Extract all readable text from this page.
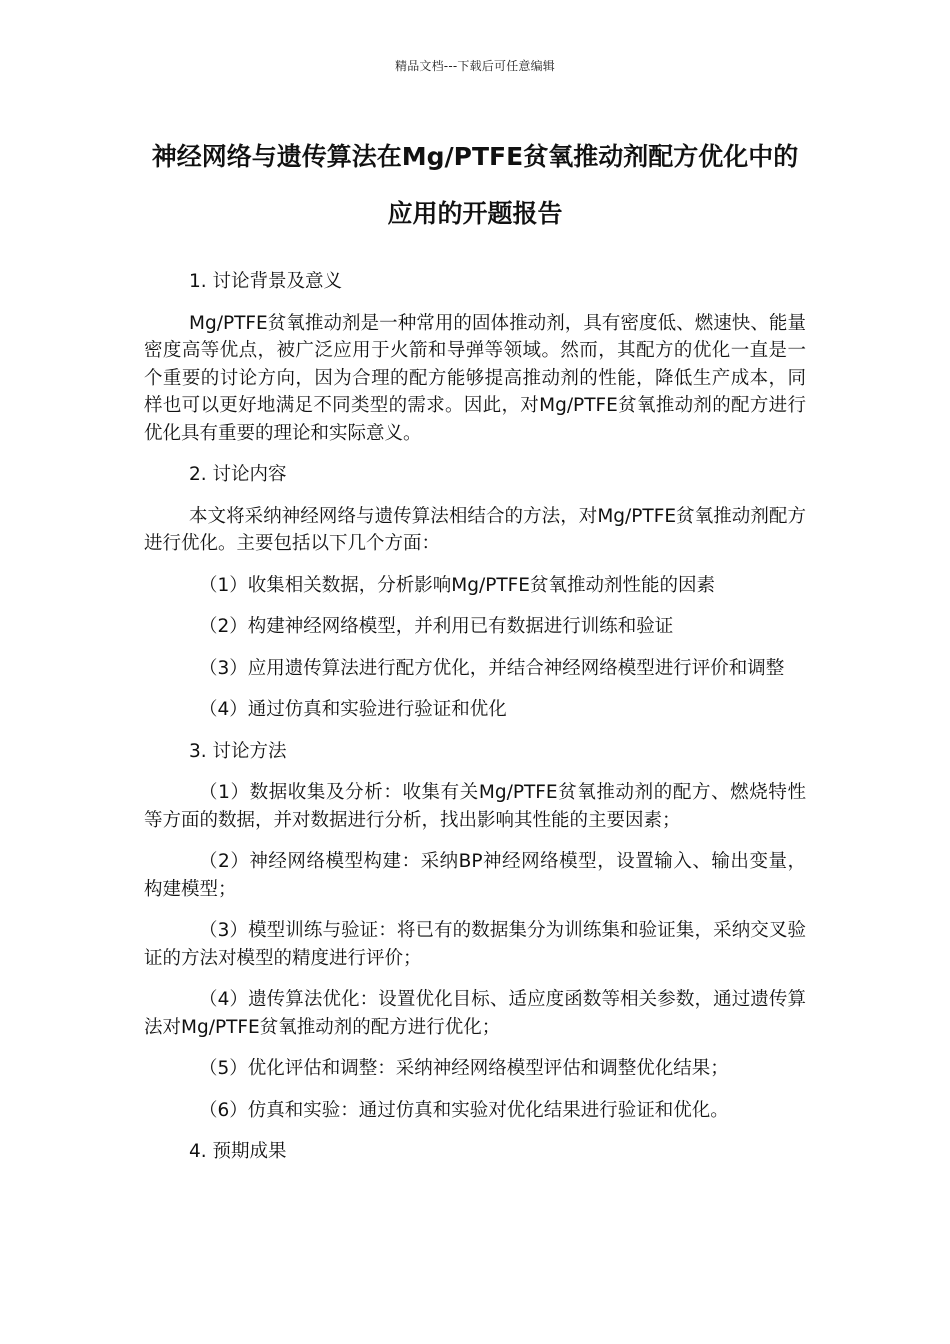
精品文档---下载后可任意编辑
神经网络与遗传算法在Mg/PTFE贫氧推动剂配方优化中的应用的开题报告

1. 讨论背景及意义

Mg/PTFE贫氧推动剂是一种常用的固体推动剂，具有密度低、燃速快、能量密度高等优点，被广泛应用于火箭和导弹等领域。然而，其配方的优化一直是一个重要的讨论方向，因为合理的配方能够提高推动剂的性能，降低生产成本，同样也可以更好地满足不同类型的需求。因此，对Mg/PTFE贫氧推动剂的配方进行优化具有重要的理论和实际意义。

2. 讨论内容

本文将采纳神经网络与遗传算法相结合的方法，对Mg/PTFE贫氧推动剂配方进行优化。主要包括以下几个方面：

（1）收集相关数据，分析影响Mg/PTFE贫氧推动剂性能的因素

（2）构建神经网络模型，并利用已有数据进行训练和验证

（3）应用遗传算法进行配方优化，并结合神经网络模型进行评价和调整

（4）通过仿真和实验进行验证和优化

3. 讨论方法

（1）数据收集及分析：收集有关Mg/PTFE贫氧推动剂的配方、燃烧特性等方面的数据，并对数据进行分析，找出影响其性能的主要因素；

（2）神经网络模型构建：采纳BP神经网络模型，设置输入、输出变量，构建模型；

（3）模型训练与验证：将已有的数据集分为训练集和验证集，采纳交叉验证的方法对模型的精度进行评价；

（4）遗传算法优化：设置优化目标、适应度函数等相关参数，通过遗传算法对Mg/PTFE贫氧推动剂的配方进行优化；

（5）优化评估和调整：采纳神经网络模型评估和调整优化结果；

（6）仿真和实验：通过仿真和实验对优化结果进行验证和优化。

4. 预期成果
